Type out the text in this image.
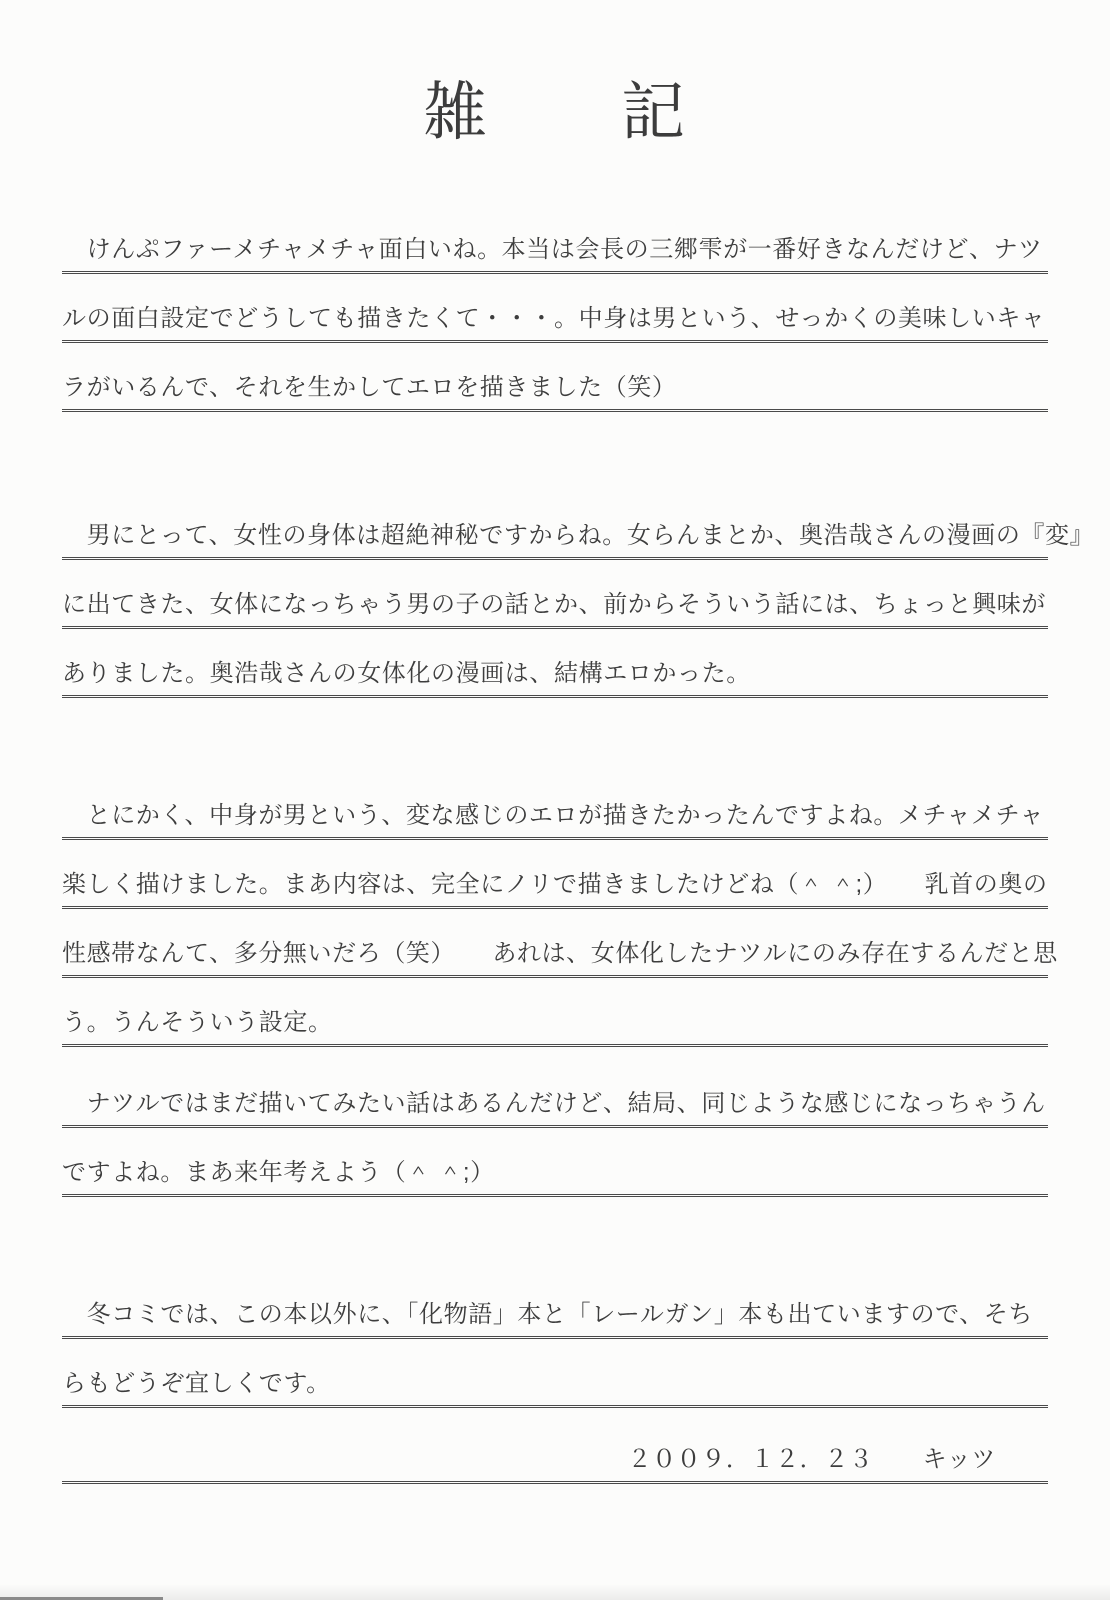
雑　　記
　けんぷファーメチャメチャ面白いね。本当は会長の三郷雫が一番好きなんだけど、ナツ
ルの面白設定でどうしても描きたくて・・・。中身は男という、せっかくの美味しいキャ
ラがいるんで、それを生かしてエロを描きました（笑）
　男にとって、女性の身体は超絶神秘ですからね。女らんまとか、奥浩哉さんの漫画の『変』
に出てきた、女体になっちゃう男の子の話とか、前からそういう話には、ちょっと興味が
ありました。奥浩哉さんの女体化の漫画は、結構エロかった。
　とにかく、中身が男という、変な感じのエロが描きたかったんですよね。メチャメチャ
楽しく描けました。まあ内容は、完全にノリで描きましたけどね（＾ ＾;）　　乳首の奥の
性感帯なんて、多分無いだろ（笑）　　あれは、女体化したナツルにのみ存在するんだと思
う。うんそういう設定。
　ナツルではまだ描いてみたい話はあるんだけど、結局、同じような感じになっちゃうん
ですよね。まあ来年考えよう（＾ ＾;）
　冬コミでは、この本以外に、「化物語」本と「レールガン」本も出ていますので、そち
らもどうぞ宜しくです。
２００９．１２．２３　　キッツ
